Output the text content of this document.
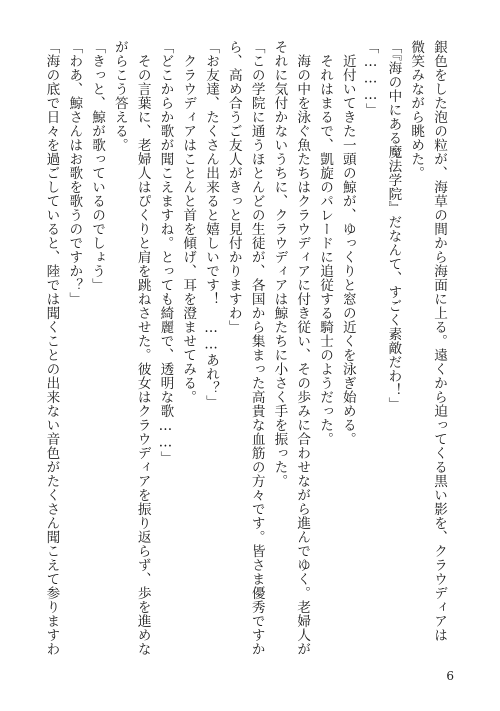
銀色をした泡の粒が、海草の間から海面に上る。遠くから迫ってくる黒い影を、クラウディアは
微笑みながら眺めた。
「『海の中にある魔法学院』だなんて、すごく素敵だわ！」
「………」
　近付いてきた一頭の鯨が、ゆっくりと窓の近くを泳ぎ始める。
　それはまるで、凱旋のパレードに追従する騎士のようだった。
　海の中を泳ぐ魚たちはクラウディアに付き従い、その歩みに合わせながら進んでゆく。老婦人が
それに気付かないうちに、クラウディアは鯨たちに小さく手を振った。
「この学院に通うほとんどの生徒が、各国から集まった高貴な血筋の方々です。皆さま優秀ですか
ら、高め合うご友人がきっと見付かりますわ」
「お友達、たくさん出来ると嬉しいです！　……あれ？」
　クラウディアはことんと首を傾げ、耳を澄ませてみる。
「どこからか歌が聞こえますね。とっても綺麗で、透明な歌……」
　その言葉に、老婦人はぴくりと肩を跳ねさせた。彼女はクラウディアを振り返らず、歩を進めな
がらこう答える。
「きっと、鯨が歌っているのでしょう」
「わあ、鯨さんはお歌を歌うのですか？」
「海の底で日々を過ごしていると、陸では聞くことの出来ない音色がたくさん聞こえて参りますわ
6
